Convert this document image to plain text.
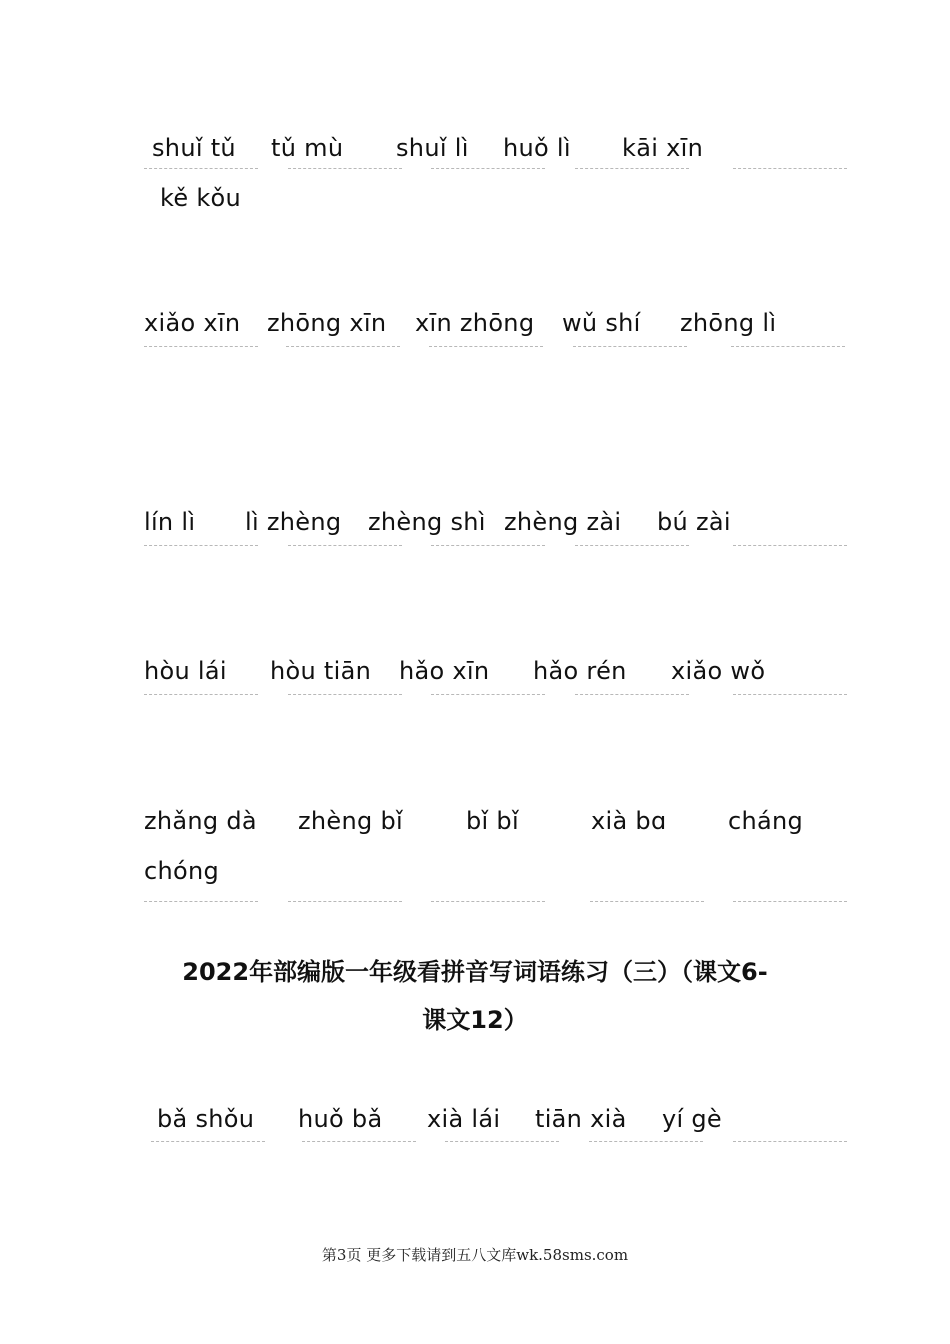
shuǐ tǔ tǔ mù shuǐ lì huǒ lì kāi xīn
kě kǒu
xiǎo xīn zhōng xīn xīn zhōng wǔ shí zhōng lì
lín lì lì zhèng zhèng shì zhèng zài bú zài
hòu lái hòu tiān hǎo xīn hǎo rén xiǎo wǒ
zhǎng dà zhèng bǐ	bǐ bǐ	xià bɑ	cháng
chóng
2022年部编版一年级看拼音写词语练习（三）（课文6-
课文12）
bǎ shǒu huǒ bǎ xià lái tiān xià yí gè
第3页 更多下载请到五八文库wk.58sms.com
